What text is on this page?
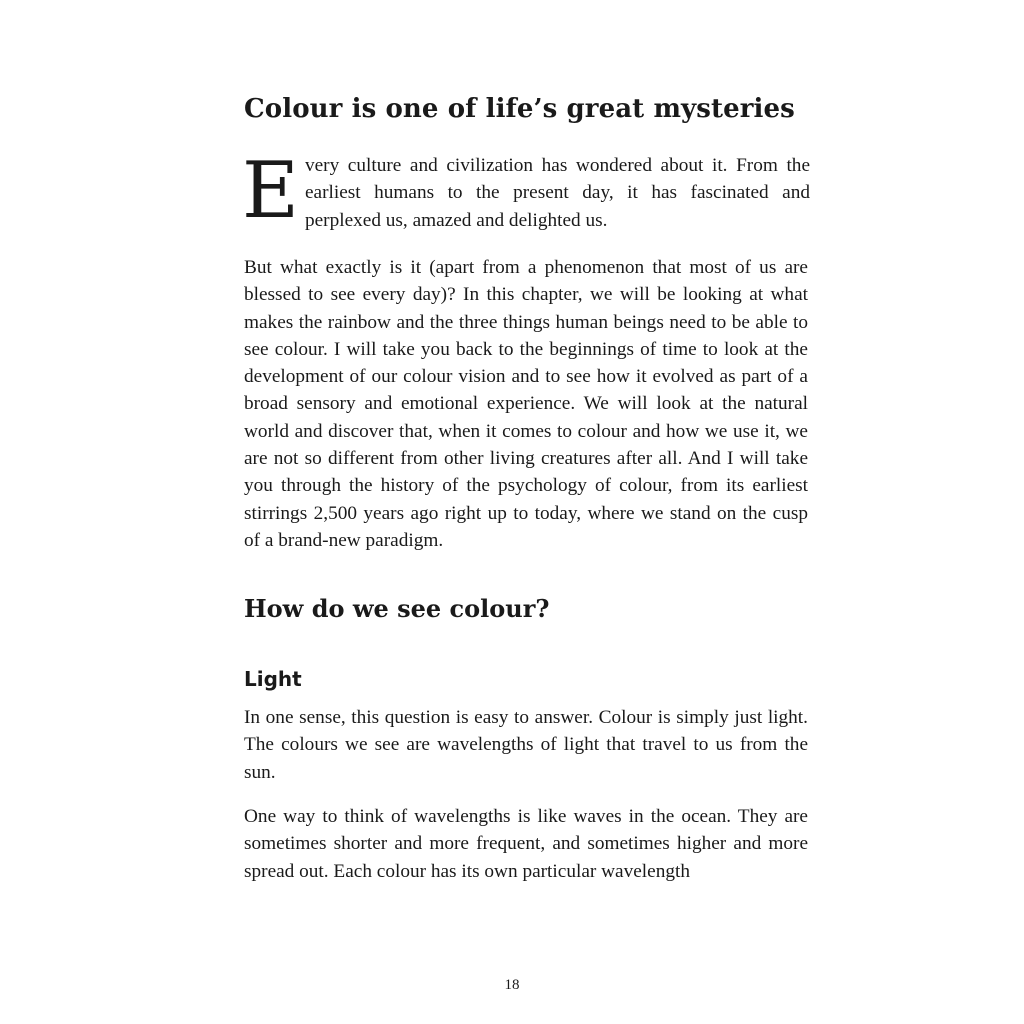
Colour is one of life’s great mysteries
E very culture and civilization has wondered about it. From the earliest humans to the present day, it has fascinated and perplexed us, amazed and delighted us.

But what exactly is it (apart from a phenomenon that most of us are blessed to see every day)? In this chapter, we will be looking at what makes the rainbow and the three things human beings need to be able to see colour. I will take you back to the beginnings of time to look at the development of our colour vision and to see how it evolved as part of a broad sensory and emotional experience. We will look at the natural world and discover that, when it comes to colour and how we use it, we are not so different from other living creatures after all. And I will take you through the history of the psychology of colour, from its earliest stirrings 2,500 years ago right up to today, where we stand on the cusp of a brand-new paradigm.

How do we see colour?
Light

In one sense, this question is easy to answer. Colour is simply just light. The colours we see are wavelengths of light that travel to us from the sun.

One way to think of wavelengths is like waves in the ocean. They are sometimes shorter and more frequent, and sometimes higher and more spread out. Each colour has its own particular wavelength

18
